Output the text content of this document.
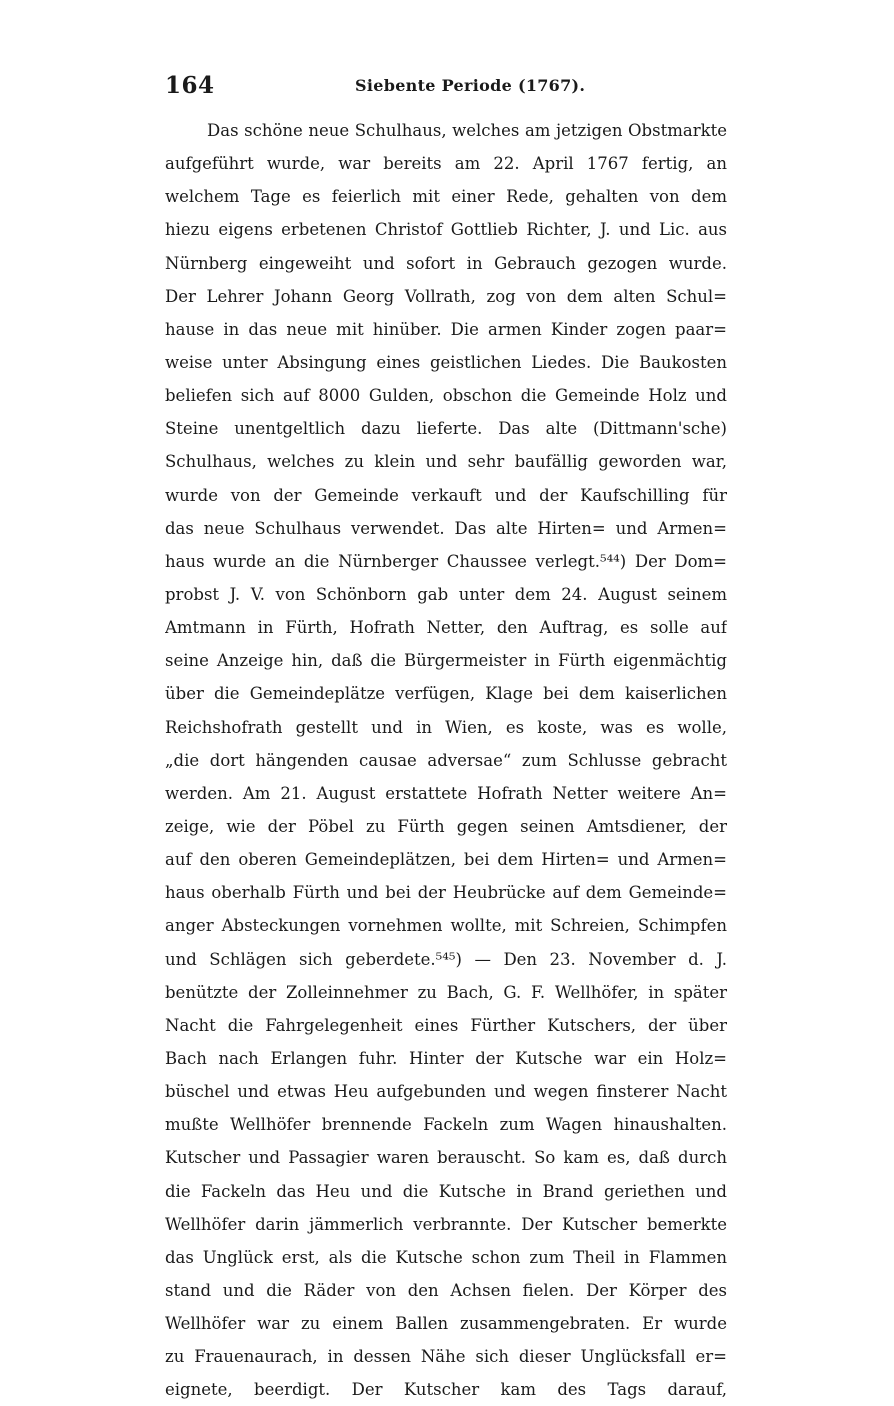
164	Siebente Periode (1767).
Das schöne neue Schulhaus, welches am jetzigen Obstmarkte
aufgeführt wurde, war bereits am 22. April 1767 fertig, an
welchem Tage es feierlich mit einer Rede, gehalten von dem
hiezu eigens erbetenen Christof Gottlieb Richter, J. und Lic. aus
Nürnberg eingeweiht und sofort in Gebrauch gezogen wurde.
Der Lehrer Johann Georg Vollrath, zog von dem alten Schul=
hause in das neue mit hinüber. Die armen Kinder zogen paar=
weise unter Absingung eines geistlichen Liedes. Die Baukosten
beliefen sich auf 8000 Gulden, obschon die Gemeinde Holz und
Steine unentgeltlich dazu lieferte. Das alte (Dittmann'sche)
Schulhaus, welches zu klein und sehr baufällig geworden war,
wurde von der Gemeinde verkauft und der Kaufschilling für
das neue Schulhaus verwendet. Das alte Hirten= und Armen=
haus wurde an die Nürnberger Chaussee verlegt.⁵⁴⁴) Der Dom=
probst J. V. von Schönborn gab unter dem 24. August seinem
Amtmann in Fürth, Hofrath Netter, den Auftrag, es solle auf
seine Anzeige hin, daß die Bürgermeister in Fürth eigenmächtig
über die Gemeindeplätze verfügen, Klage bei dem kaiserlichen
Reichshofrath gestellt und in Wien, es koste, was es wolle,
„die dort hängenden causae adversae“ zum Schlusse gebracht
werden. Am 21. August erstattete Hofrath Netter weitere An=
zeige, wie der Pöbel zu Fürth gegen seinen Amtsdiener, der
auf den oberen Gemeindeplätzen, bei dem Hirten= und Armen=
haus oberhalb Fürth und bei der Heubrücke auf dem Gemeinde=
anger Absteckungen vornehmen wollte, mit Schreien, Schimpfen
und Schlägen sich geberdete.⁵⁴⁵) — Den 23. November d. J.
benützte der Zolleinnehmer zu Bach, G. F. Wellhöfer, in später
Nacht die Fahrgelegenheit eines Fürther Kutschers, der über
Bach nach Erlangen fuhr. Hinter der Kutsche war ein Holz=
büschel und etwas Heu aufgebunden und wegen finsterer Nacht
mußte Wellhöfer brennende Fackeln zum Wagen hinaushalten.
Kutscher und Passagier waren berauscht. So kam es, daß durch
die Fackeln das Heu und die Kutsche in Brand geriethen und
Wellhöfer darin jämmerlich verbrannte. Der Kutscher bemerkte
das Unglück erst, als die Kutsche schon zum Theil in Flammen
stand und die Räder von den Achsen fielen. Der Körper des
Wellhöfer war zu einem Ballen zusammengebraten. Er wurde
zu Frauenaurach, in dessen Nähe sich dieser Unglücksfall er=
eignete, beerdigt. Der Kutscher kam des Tags darauf,
